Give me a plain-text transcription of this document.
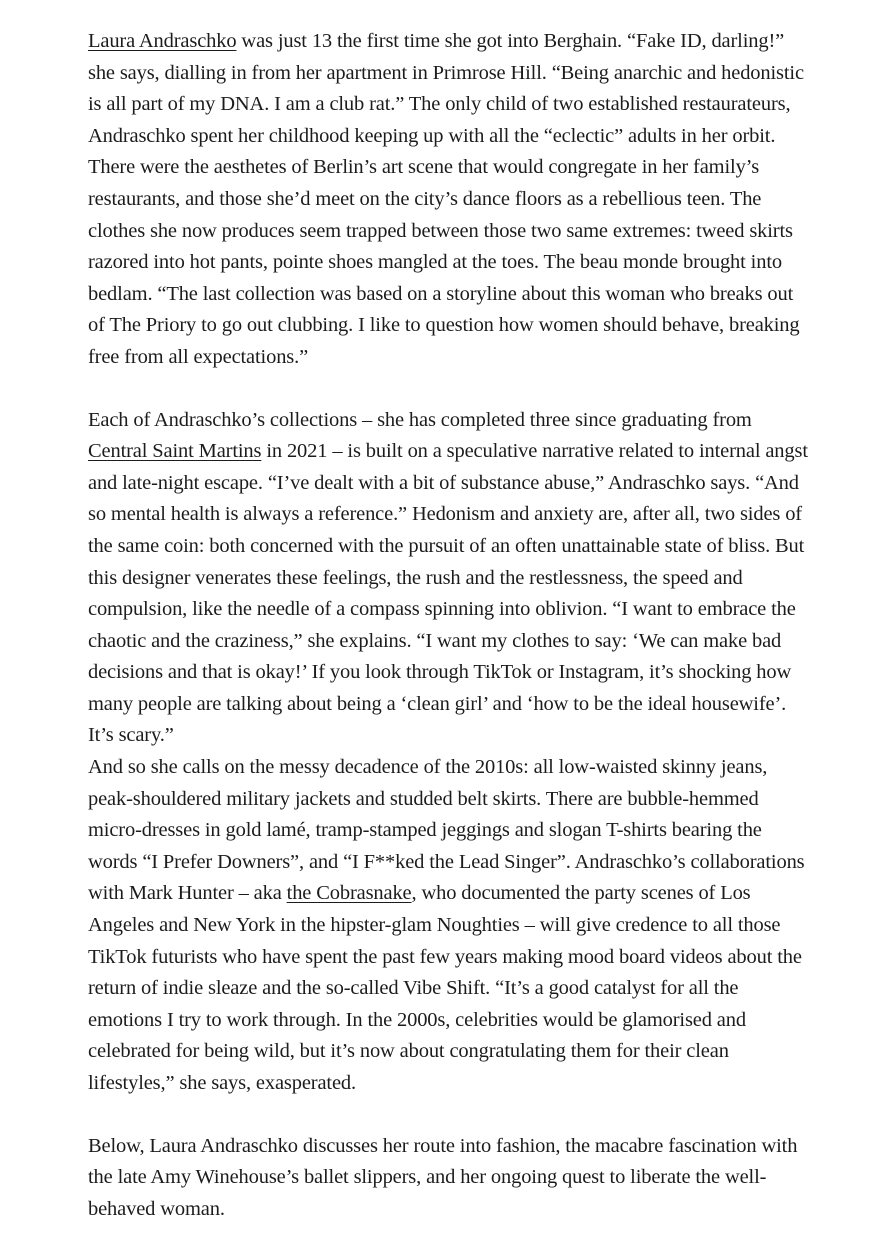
Laura Andraschko was just 13 the first time she got into Berghain. “Fake ID, darling!” she says, dialling in from her apartment in Primrose Hill. “Being anarchic and hedonistic is all part of my DNA. I am a club rat.” The only child of two established restaurateurs, Andraschko spent her childhood keeping up with all the “eclectic” adults in her orbit. There were the aesthetes of Berlin’s art scene that would congregate in her family’s restaurants, and those she’d meet on the city’s dance floors as a rebellious teen. The clothes she now produces seem trapped between those two same extremes: tweed skirts razored into hot pants, pointe shoes mangled at the toes. The beau monde brought into bedlam. “The last collection was based on a storyline about this woman who breaks out of The Priory to go out clubbing. I like to question how women should behave, breaking free from all expectations.”

Each of Andraschko’s collections – she has completed three since graduating from Central Saint Martins in 2021 – is built on a speculative narrative related to internal angst and late-night escape. “I’ve dealt with a bit of substance abuse,” Andraschko says. “And so mental health is always a reference.” Hedonism and anxiety are, after all, two sides of the same coin: both concerned with the pursuit of an often unattainable state of bliss. But this designer venerates these feelings, the rush and the restlessness, the speed and compulsion, like the needle of a compass spinning into oblivion. “I want to embrace the chaotic and the craziness,” she explains. “I want my clothes to say: ‘We can make bad decisions and that is okay!’ If you look through TikTok or Instagram, it’s shocking how many people are talking about being a ‘clean girl’ and ‘how to be the ideal housewife’. It’s scary.”

And so she calls on the messy decadence of the 2010s: all low-waisted skinny jeans, peak-shouldered military jackets and studded belt skirts. There are bubble-hemmed micro-dresses in gold lamé, tramp-stamped jeggings and slogan T-shirts bearing the words “I Prefer Downers”, and “I F**ked the Lead Singer”. Andraschko’s collaborations with Mark Hunter – aka the Cobrasnake, who documented the party scenes of Los Angeles and New York in the hipster-glam Noughties – will give credence to all those TikTok futurists who have spent the past few years making mood board videos about the return of indie sleaze and the so-called Vibe Shift. “It’s a good catalyst for all the emotions I try to work through. In the 2000s, celebrities would be glamorised and celebrated for being wild, but it’s now about congratulating them for their clean lifestyles,” she says, exasperated.

Below, Laura Andraschko discusses her route into fashion, the macabre fascination with the late Amy Winehouse’s ballet slippers, and her ongoing quest to liberate the well-behaved woman.
